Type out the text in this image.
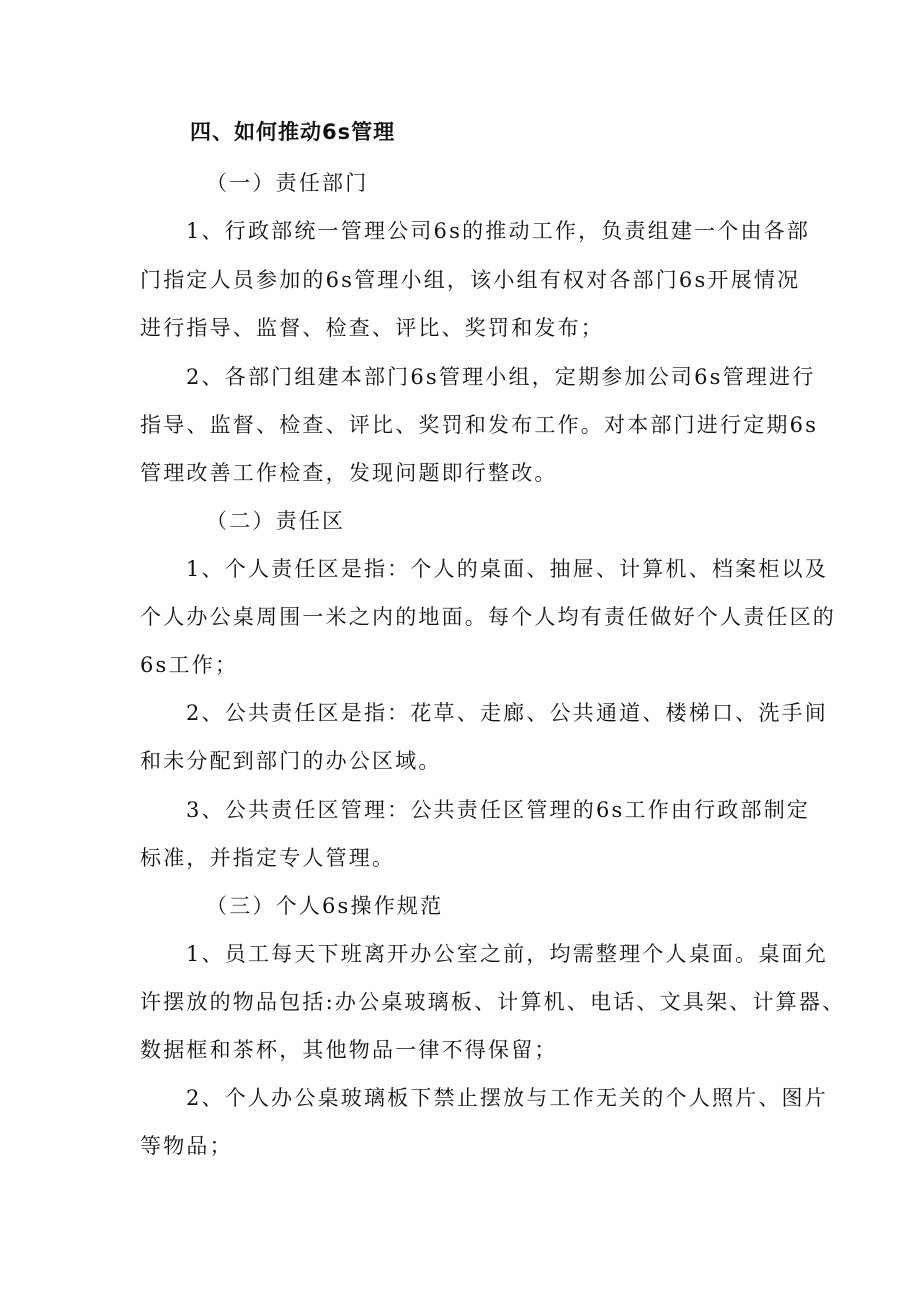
四、如何推动6s管理
（一）责任部门
1、行政部统一管理公司6s的推动工作，负责组建一个由各部
门指定人员参加的6s管理小组，该小组有权对各部门6s开展情况
进行指导、监督、检查、评比、奖罚和发布；
2、各部门组建本部门6s管理小组，定期参加公司6s管理进行
指导、监督、检查、评比、奖罚和发布工作。对本部门进行定期6s
管理改善工作检查，发现问题即行整改。
（二）责任区
1、个人责任区是指：个人的桌面、抽屉、计算机、档案柜以及
个人办公桌周围一米之内的地面。每个人均有责任做好个人责任区的
6s工作；
2、公共责任区是指：花草、走廊、公共通道、楼梯口、洗手间
和未分配到部门的办公区域。
3、公共责任区管理：公共责任区管理的6s工作由行政部制定
标准，并指定专人管理。
（三）个人6s操作规范
1、员工每天下班离开办公室之前，均需整理个人桌面。桌面允
许摆放的物品包括:办公桌玻璃板、计算机、电话、文具架、计算器、
数据框和茶杯，其他物品一律不得保留；
2、个人办公桌玻璃板下禁止摆放与工作无关的个人照片、图片
等物品；
